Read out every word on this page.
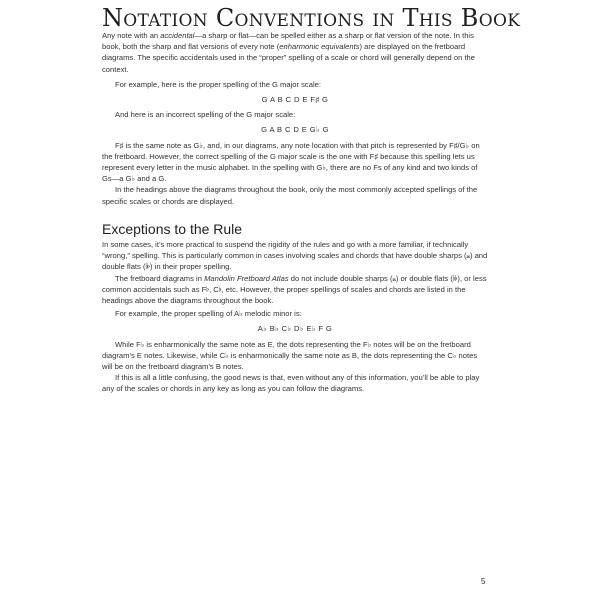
Notation Conventions in This Book

Any note with an accidental—a sharp or flat—can be spelled either as a sharp or flat version of the note. In this book, both the sharp and flat versions of every note (enharmonic equivalents) are displayed on the fretboard diagrams. The specific accidentals used in the “proper” spelling of a scale or chord will generally depend on the context.

For example, here is the proper spelling of the G major scale:

G A B C D E F♯ G

And here is an incorrect spelling of the G major scale:

G A B C D E G♭ G

F♯ is the same note as G♭, and, in our diagrams, any note location with that pitch is represented by F♯/G♭ on the fretboard. However, the correct spelling of the G major scale is the one with F♯ because this spelling lets us represent every letter in the music alphabet. In the spelling with G♭, there are no Fs of any kind and two kinds of Gs—a G♭ and a G.

In the headings above the diagrams throughout the book, only the most commonly accepted spellings of the specific scales or chords are displayed.

Exceptions to the Rule

In some cases, it’s more practical to suspend the rigidity of the rules and go with a more familiar, if technically “wrong,” spelling. This is particularly common in cases involving scales and chords that have double sharps (𝄪) and double flats (𝄫) in their proper spelling.

The fretboard diagrams in Mandolin Fretboard Atlas do not include double sharps (𝄪) or double flats (𝄫), or less common accidentals such as F♭, C♭, etc. However, the proper spellings of scales and chords are listed in the headings above the diagrams throughout the book.

For example, the proper spelling of A♭ melodic minor is:

A♭ B♭ C♭ D♭ E♭ F G

While F♭ is enharmonically the same note as E, the dots representing the F♭ notes will be on the fretboard diagram’s E notes. Likewise, while C♭ is enharmonically the same note as B, the dots representing the C♭ notes will be on the fretboard diagram’s B notes.

If this is all a little confusing, the good news is that, even without any of this information, you’ll be able to play any of the scales or chords in any key as long as you can follow the diagrams.

5
